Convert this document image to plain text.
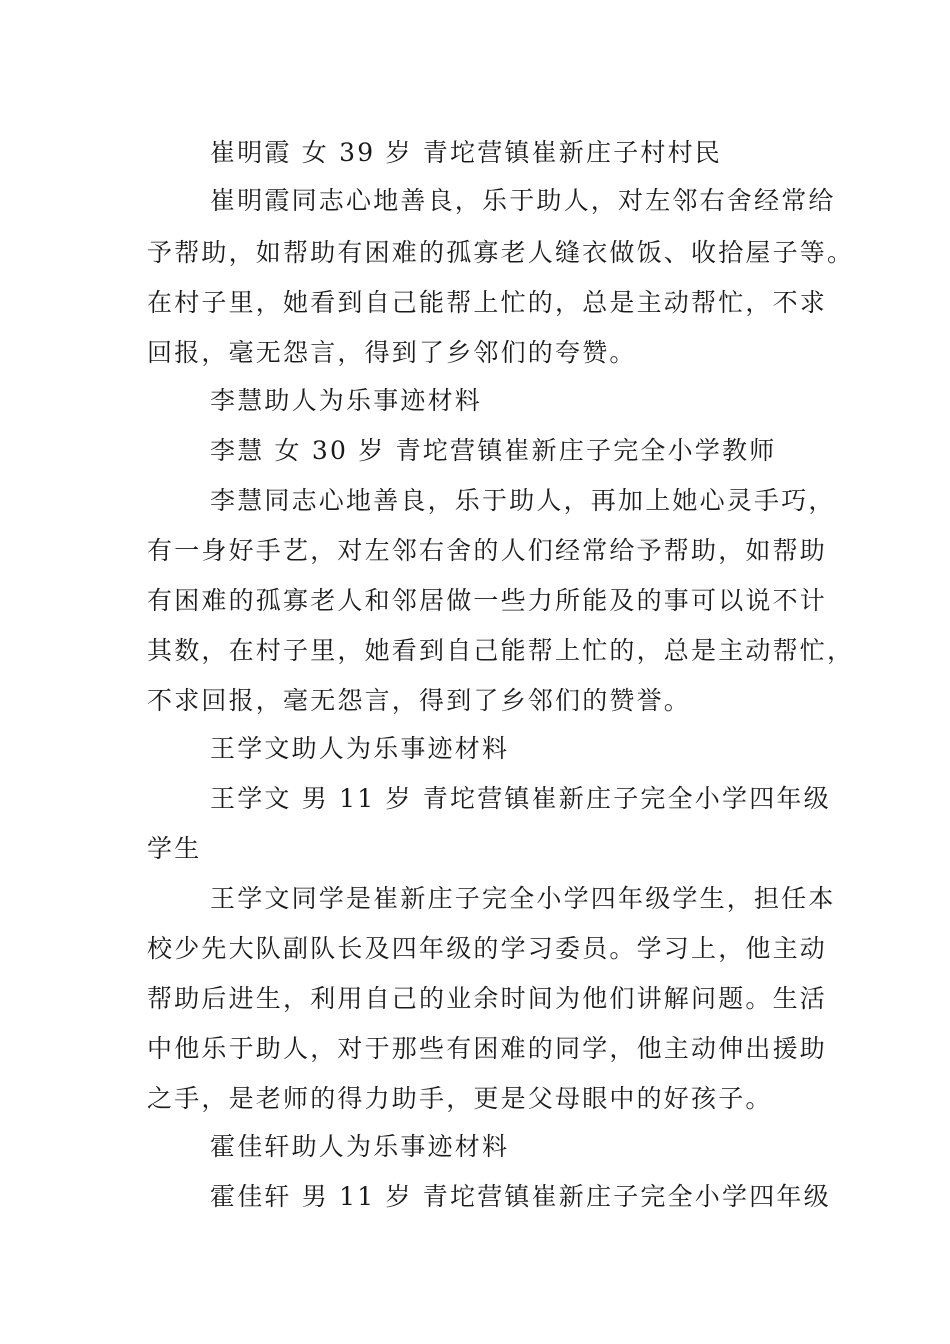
崔明霞 女 39 岁 青坨营镇崔新庄子村村民
崔明霞同志心地善良，乐于助人，对左邻右舍经常给
予帮助，如帮助有困难的孤寡老人缝衣做饭、收拾屋子等。
在村子里，她看到自己能帮上忙的，总是主动帮忙，不求
回报，毫无怨言，得到了乡邻们的夸赞。
李慧助人为乐事迹材料
李慧 女 30 岁 青坨营镇崔新庄子完全小学教师
李慧同志心地善良，乐于助人，再加上她心灵手巧，
有一身好手艺，对左邻右舍的人们经常给予帮助，如帮助
有困难的孤寡老人和邻居做一些力所能及的事可以说不计
其数，在村子里，她看到自己能帮上忙的，总是主动帮忙，
不求回报，毫无怨言，得到了乡邻们的赞誉。
王学文助人为乐事迹材料
王学文 男 11 岁 青坨营镇崔新庄子完全小学四年级
学生
王学文同学是崔新庄子完全小学四年级学生，担任本
校少先大队副队长及四年级的学习委员。学习上，他主动
帮助后进生，利用自己的业余时间为他们讲解问题。生活
中他乐于助人，对于那些有困难的同学，他主动伸出援助
之手，是老师的得力助手，更是父母眼中的好孩子。
霍佳轩助人为乐事迹材料
霍佳轩 男 11 岁 青坨营镇崔新庄子完全小学四年级
